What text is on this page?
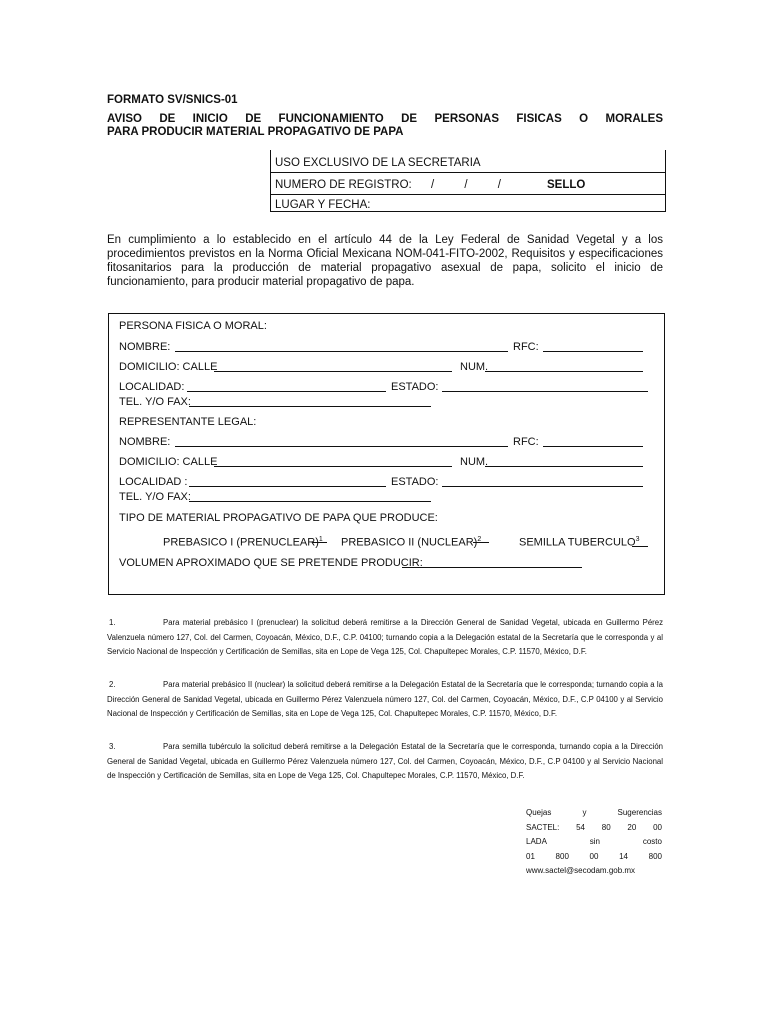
FORMATO SV/SNICS-01
AVISO DE INICIO DE FUNCIONAMIENTO DE PERSONAS FISICAS O MORALES
PARA PRODUCIR MATERIAL PROPAGATIVO DE PAPA
USO EXCLUSIVO DE LA SECRETARIA
NUMERO DE REGISTRO: /	/	/	SELLO
LUGAR Y FECHA:
En cumplimiento a lo establecido en el artículo 44 de la Ley Federal de Sanidad Vegetal y a los procedimientos previstos en la Norma Oficial Mexicana NOM-041-FITO-2002, Requisitos y especificaciones fitosanitarios para la producción de material propagativo asexual de papa, solicito el inicio de funcionamiento, para producir material propagativo de papa.
PERSONA FISICA O MORAL:
NOMBRE:	RFC:
DOMICILIO: CALLE	NUM.
LOCALIDAD:	ESTADO:
TEL. Y/O FAX:
REPRESENTANTE LEGAL:
NOMBRE:	RFC:
DOMICILIO: CALLE	NUM.
LOCALIDAD :	ESTADO:
TEL. Y/O FAX:
TIPO DE MATERIAL PROPAGATIVO DE PAPA QUE PRODUCE:
PREBASICO I (PRENUCLEAR)$^1$ PREBASICO II (NUCLEAR)$^2$	SEMILLA TUBERCULO$^3$
VOLUMEN APROXIMADO QUE SE PRETENDE PRODUCIR:
1.	Para material prebásico I (prenuclear) la solicitud deberá remitirse a la Dirección General de Sanidad Vegetal, ubicada en Guillermo Pérez Valenzuela número 127, Col. del Carmen, Coyoacán, México, D.F., C.P. 04100; turnando copia a la Delegación estatal de la Secretaría que le corresponda y al Servicio Nacional de Inspección y Certificación de Semillas, sita en Lope de Vega 125, Col. Chapultepec Morales, C.P. 11570, México, D.F.
2.	Para material prebásico II (nuclear) la solicitud deberá remitirse a la Delegación Estatal de la Secretaría que le corresponda; turnando copia a la Dirección General de Sanidad Vegetal, ubicada en Guillermo Pérez Valenzuela número 127, Col. del Carmen, Coyoacán, México, D.F., C.P 04100 y al Servicio Nacional de Inspección y Certificación de Semillas, sita en Lope de Vega 125, Col. Chapultepec Morales, C.P. 11570, México, D.F.
3.	Para semilla tubérculo la solicitud deberá remitirse a la Delegación Estatal de la Secretaría que le corresponda, turnando copia a la Dirección General de Sanidad Vegetal, ubicada en Guillermo Pérez Valenzuela número 127, Col. del Carmen, Coyoacán, México, D.F., C.P 04100 y al Servicio Nacional de Inspección y Certificación de Semillas, sita en Lope de Vega 125, Col. Chapultepec Morales, C.P. 11570, México, D.F.
Quejas	y	Sugerencias
SACTEL: 54 80 20 00
LADA	sin	costo
01	800	00	14	800
www.sactel@secodam.gob.mx
